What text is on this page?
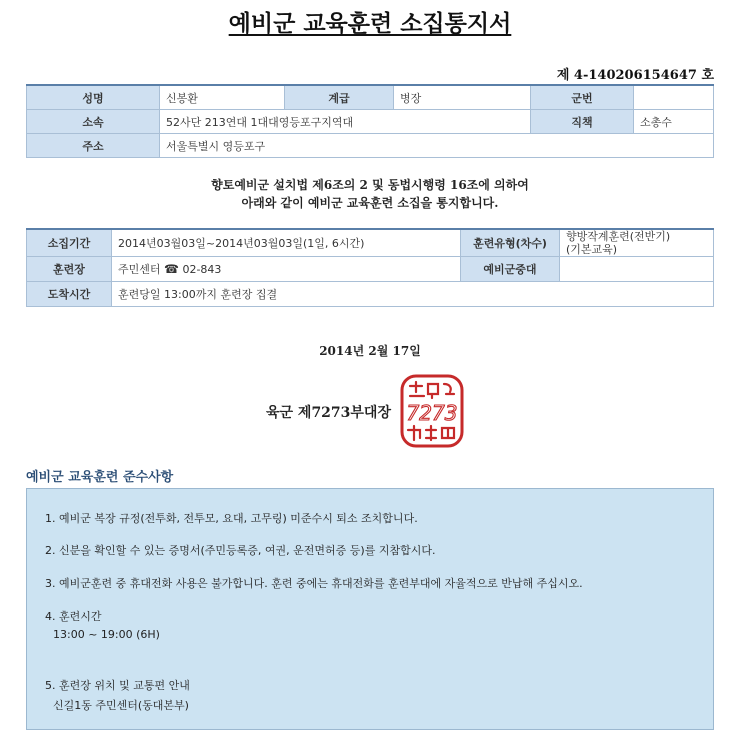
예비군 교육훈련 소집통지서
제 4-140206154647 호
성명	신봉환	계급	병장	군번	
소속	52사단 213연대 1대대영등포구지역대			직책	소총수
주소	서울특별시 영등포구				
향토예비군 설치법 제6조의 2 및 동법시행령 16조에 의하여
아래와 같이 예비군 교육훈련 소집을 통지합니다.
소집기간	2014년03월03일~2014년03월03일(1일, 6시간)	훈련유형(차수)	향방작계훈련(전반기)
(기본교육)

훈련장	주민센터 ☎ 02-843	예비군중대	
도착시간	훈련당일 13:00까지 훈련장 집결		
2014년 2월 17일
육군 제7273부대장 7273
예비군 교육훈련 준수사항
1. 예비군 복장 규정(전투화, 전투모, 요대, 고무링) 미준수시 퇴소 조치합니다.
2. 신분을 확인할 수 있는 증명서(주민등록증, 여권, 운전면허증 등)를 지참합시다.
3. 예비군훈련 중 휴대전화 사용은 불가합니다. 훈련 중에는 휴대전화를 훈련부대에 자율적으로 반납해 주십시오.
4. 훈련시간
13:00 ~ 19:00 (6H)
5. 훈련장 위치 및 교통편 안내
신길1동 주민센터(동대본부)
